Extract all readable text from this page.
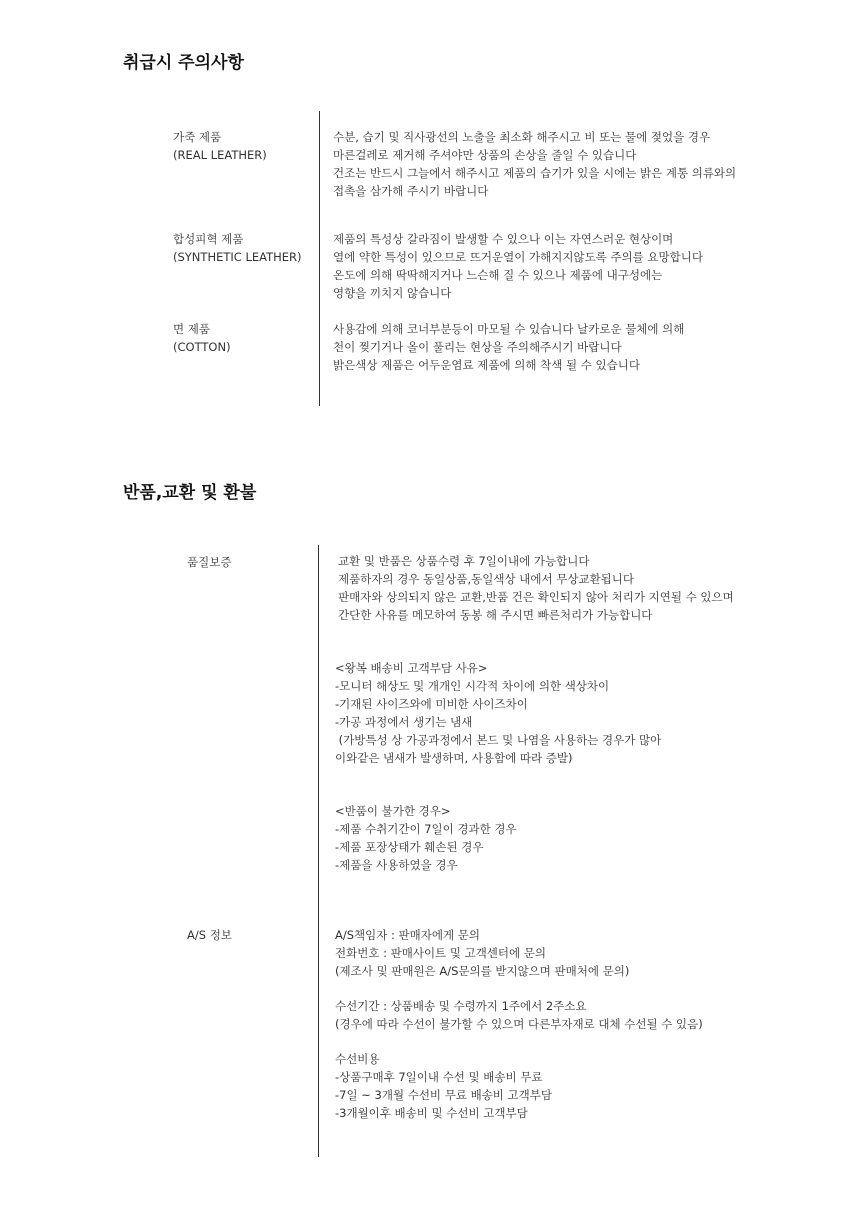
취급시 주의사항
가죽 제품
(REAL LEATHER)
수분, 습기 및 직사광선의 노출을 최소화 해주시고 비 또는 물에 젖었을 경우
마른걸레로 제거해 주셔야만 상품의 손상을 줄일 수 있습니다
건조는 반드시 그늘에서 해주시고 제품의 습기가 있을 시에는 밝은 계통 의류와의
접촉을 삼가해 주시기 바랍니다
합성피혁 제품
(SYNTHETIC LEATHER)
제품의 특성상 갈라짐이 발생할 수 있으나 이는 자연스러운 현상이며
열에 약한 특성이 있으므로 뜨거운열이 가해지지않도록 주의를 요망합니다
온도에 의해 딱딱해지거나 느슨해 질 수 있으나 제품에 내구성에는
영향을 끼치지 않습니다
면 제품
(COTTON)
사용감에 의해 코너부분등이 마모될 수 있습니다 날카로운 물체에 의해
천이 찢기거나 올이 풀리는 현상을 주의해주시기 바랍니다
밝은색상 제품은 어두운염료 제품에 의해 착색 될 수 있습니다
반품,교환 및 환불
품질보증	교환 및 반품은 상품수령 후 7일이내에 가능합니다
제품하자의 경우 동일상품,동일색상 내에서 무상교환됩니다
판매자와 상의되지 않은 교환,반품 건은 확인되지 않아 처리가 지연될 수 있으며
간단한 사유를 메모하여 동봉 해 주시면 빠른처리가 가능합니다
<왕복 배송비 고객부담 사유>
-모니터 해상도 및 개개인 시각적 차이에 의한 색상차이
-기재된 사이즈와에 미비한 사이즈차이
-가공 과정에서 생기는 냄새
(가방특성 상 가공과정에서 본드 및 나염을 사용하는 경우가 많아
이와같은 냄새가 발생하며, 사용함에 따라 증발)
<반품이 불가한 경우>
-제품 수취기간이 7일이 경과한 경우
-제품 포장상태가 훼손된 경우
-제품을 사용하였을 경우
A/S 정보	A/S책임자 : 판매자에게 문의
전화번호 : 판매사이트 및 고객센터에 문의
(제조사 및 판매원은 A/S문의를 받지않으며 판매처에 문의)
수선기간 : 상품배송 및 수령까지 1주에서 2주소요
(경우에 따라 수선이 불가할 수 있으며 다른부자재로 대체 수선될 수 있음)
수선비용
-상품구매후 7일이내 수선 및 배송비 무료
-7일 ~ 3개월 수선비 무료 배송비 고객부담
-3개월이후 배송비 및 수선비 고객부담
